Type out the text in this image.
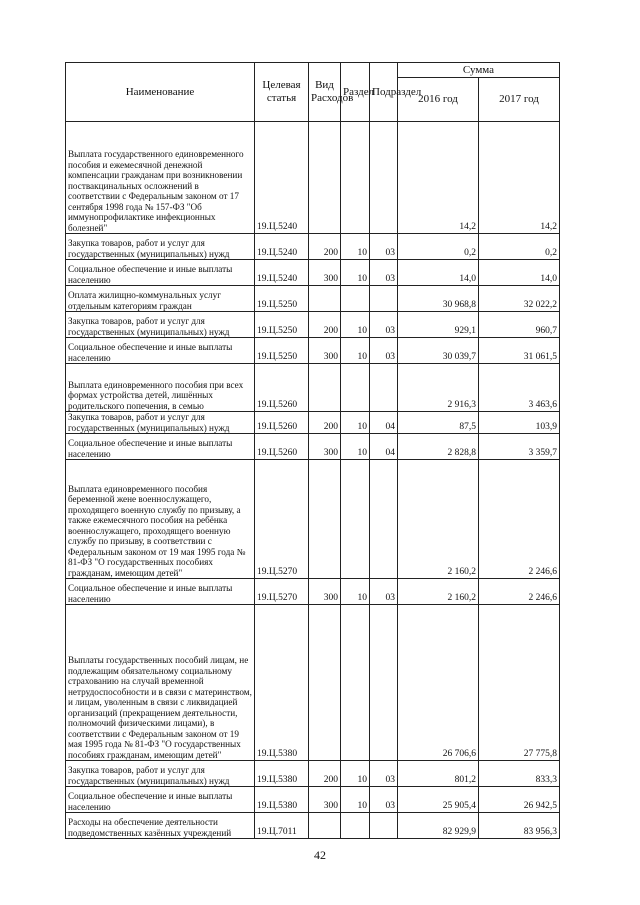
Наименование	Целевая статья	Вид Расходов	Раздел	Подраздел	Сумма	
					2016 год	2017 год
Выплата государственного единовременного пособия и ежемесячной денежной компенсации гражданам при возникновении поствакцинальных осложнений в соответствии с Федеральным законом от 17 сентября 1998 года № 157-ФЗ "Об иммунопрофилактике инфекционных болезней"	19.Ц.5240				14,2	14,2
Закупка товаров, работ и услуг для государственных (муниципальных) нужд	19.Ц.5240	200	10	03	0,2	0,2
Социальное обеспечение и иные выплаты населению	19.Ц.5240	300	10	03	14,0	14,0
Оплата жилищно-коммунальных услуг отдельным категориям граждан	19.Ц.5250				30 968,8	32 022,2
Закупка товаров, работ и услуг для государственных (муниципальных) нужд	19.Ц.5250	200	10	03	929,1	960,7
Социальное обеспечение и иные выплаты населению	19.Ц.5250	300	10	03	30 039,7	31 061,5
Выплата единовременного пособия при всех формах устройства детей, лишённых родительского попечения, в семью	19.Ц.5260				2 916,3	3 463,6
Закупка товаров, работ и услуг для государственных (муниципальных) нужд	19.Ц.5260	200	10	04	87,5	103,9
Социальное обеспечение и иные выплаты населению	19.Ц.5260	300	10	04	2 828,8	3 359,7
Выплата единовременного пособия беременной жене военнослужащего, проходящего военную службу по призыву, а также ежемесячного пособия на ребёнка военнослужащего, проходящего военную службу по призыву, в соответствии с Федеральным законом от 19 мая 1995 года № 81-ФЗ "О государственных пособиях гражданам, имеющим детей"	19.Ц.5270				2 160,2	2 246,6
Социальное обеспечение и иные выплаты населению	19.Ц.5270	300	10	03	2 160,2	2 246,6
Выплаты государственных пособий лицам, не подлежащим обязательному социальному страхованию на случай временной нетрудоспособности и в связи с материнством, и лицам, уволенным в связи с ликвидацией организаций (прекращением деятельности, полномочий физическими лицами), в соответствии с Федеральным законом от 19 мая 1995 года № 81-ФЗ "О государственных пособиях гражданам, имеющим детей"	19.Ц.5380				26 706,6	27 775,8
Закупка товаров, работ и услуг для государственных (муниципальных) нужд	19.Ц.5380	200	10	03	801,2	833,3
Социальное обеспечение и иные выплаты населению	19.Ц.5380	300	10	03	25 905,4	26 942,5
Расходы на обеспечение деятельности подведомственных казённых учреждений	19.Ц.7011				82 929,9	83 956,3
42
